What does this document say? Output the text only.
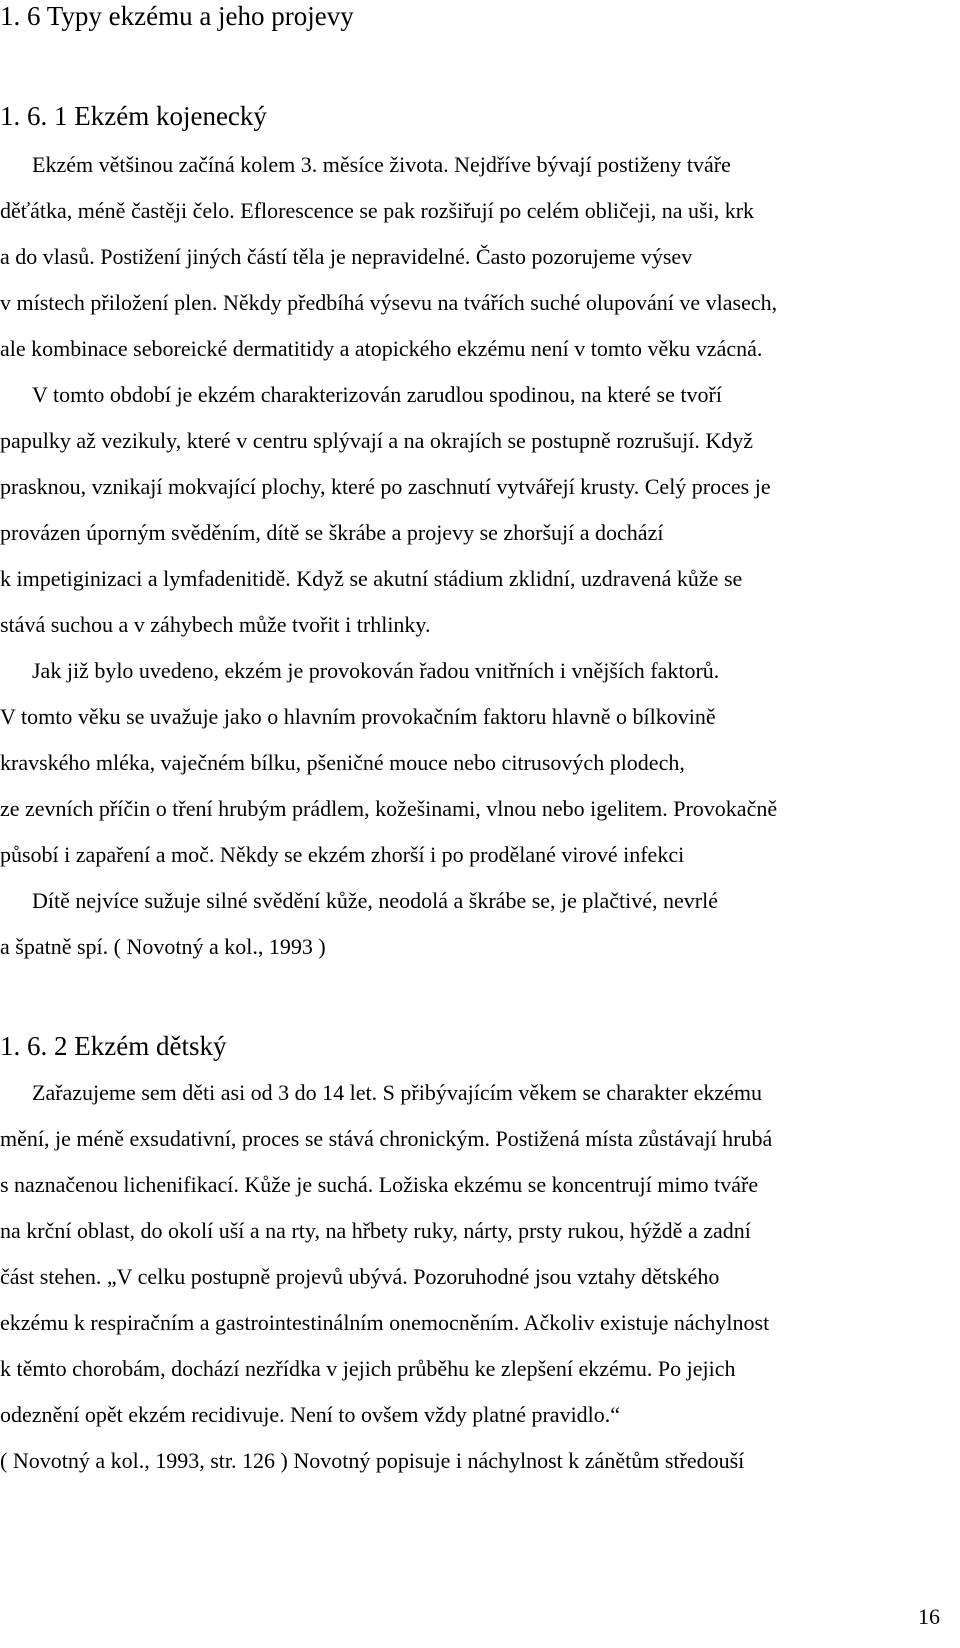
1. 6 Typy ekzému a jeho projevy
1. 6. 1 Ekzém kojenecký
Ekzém většinou začíná kolem 3. měsíce života. Nejdříve bývají postiženy tváře
děťátka, méně častěji čelo. Eflorescence se pak rozšiřují po celém obličeji, na uši, krk
a do vlasů. Postižení jiných částí těla je nepravidelné. Často pozorujeme výsev
v místech přiložení plen. Někdy předbíhá výsevu na tvářích suché olupování ve vlasech,
ale kombinace seboreické dermatitidy a atopického ekzému není v tomto věku vzácná.
V tomto období je ekzém charakterizován zarudlou spodinou, na které se tvoří
papulky až vezikuly, které v centru splývají a na okrajích se postupně rozrušují. Když
prasknou, vznikají mokvající plochy, které po zaschnutí vytvářejí krusty. Celý proces je
provázen úporným svěděním, dítě se škrábe a projevy se zhoršují a dochází
k impetiginizaci a lymfadenitidě. Když se akutní stádium zklidní, uzdravená kůže se
stává suchou a v záhybech může tvořit i trhlinky.
Jak již bylo uvedeno, ekzém je provokován řadou vnitřních i vnějších faktorů.
V tomto věku se uvažuje jako o hlavním provokačním faktoru hlavně o bílkovině
kravského mléka, vaječném bílku, pšeničné mouce nebo citrusových plodech,
ze zevních příčin o tření hrubým prádlem, kožešinami, vlnou nebo igelitem. Provokačně
působí i zapaření a moč. Někdy se ekzém zhorší i po prodělané virové infekci
Dítě nejvíce sužuje silné svědění kůže, neodolá a škrábe se, je plačtivé, nevrlé
a špatně spí. ( Novotný a kol., 1993 )
1. 6. 2 Ekzém dětský
Zařazujeme sem děti asi od 3 do 14 let. S přibývajícím věkem se charakter ekzému
mění, je méně exsudativní, proces se stává chronickým. Postižená místa zůstávají hrubá
s naznačenou lichenifikací. Kůže je suchá. Ložiska ekzému se koncentrují mimo tváře
na krční oblast, do okolí uší a na rty, na hřbety ruky, nárty, prsty rukou, hýždě a zadní
část stehen. „V celku postupně projevů ubývá. Pozoruhodné jsou vztahy dětského
ekzému k respiračním a gastrointestinálním onemocněním. Ačkoliv existuje náchylnost
k těmto chorobám, dochází nezřídka v jejich průběhu ke zlepšení ekzému. Po jejich
odeznění opět ekzém recidivuje. Není to ovšem vždy platné pravidlo.“
( Novotný a kol., 1993, str. 126 ) Novotný popisuje i náchylnost k zánětům středouší
16
